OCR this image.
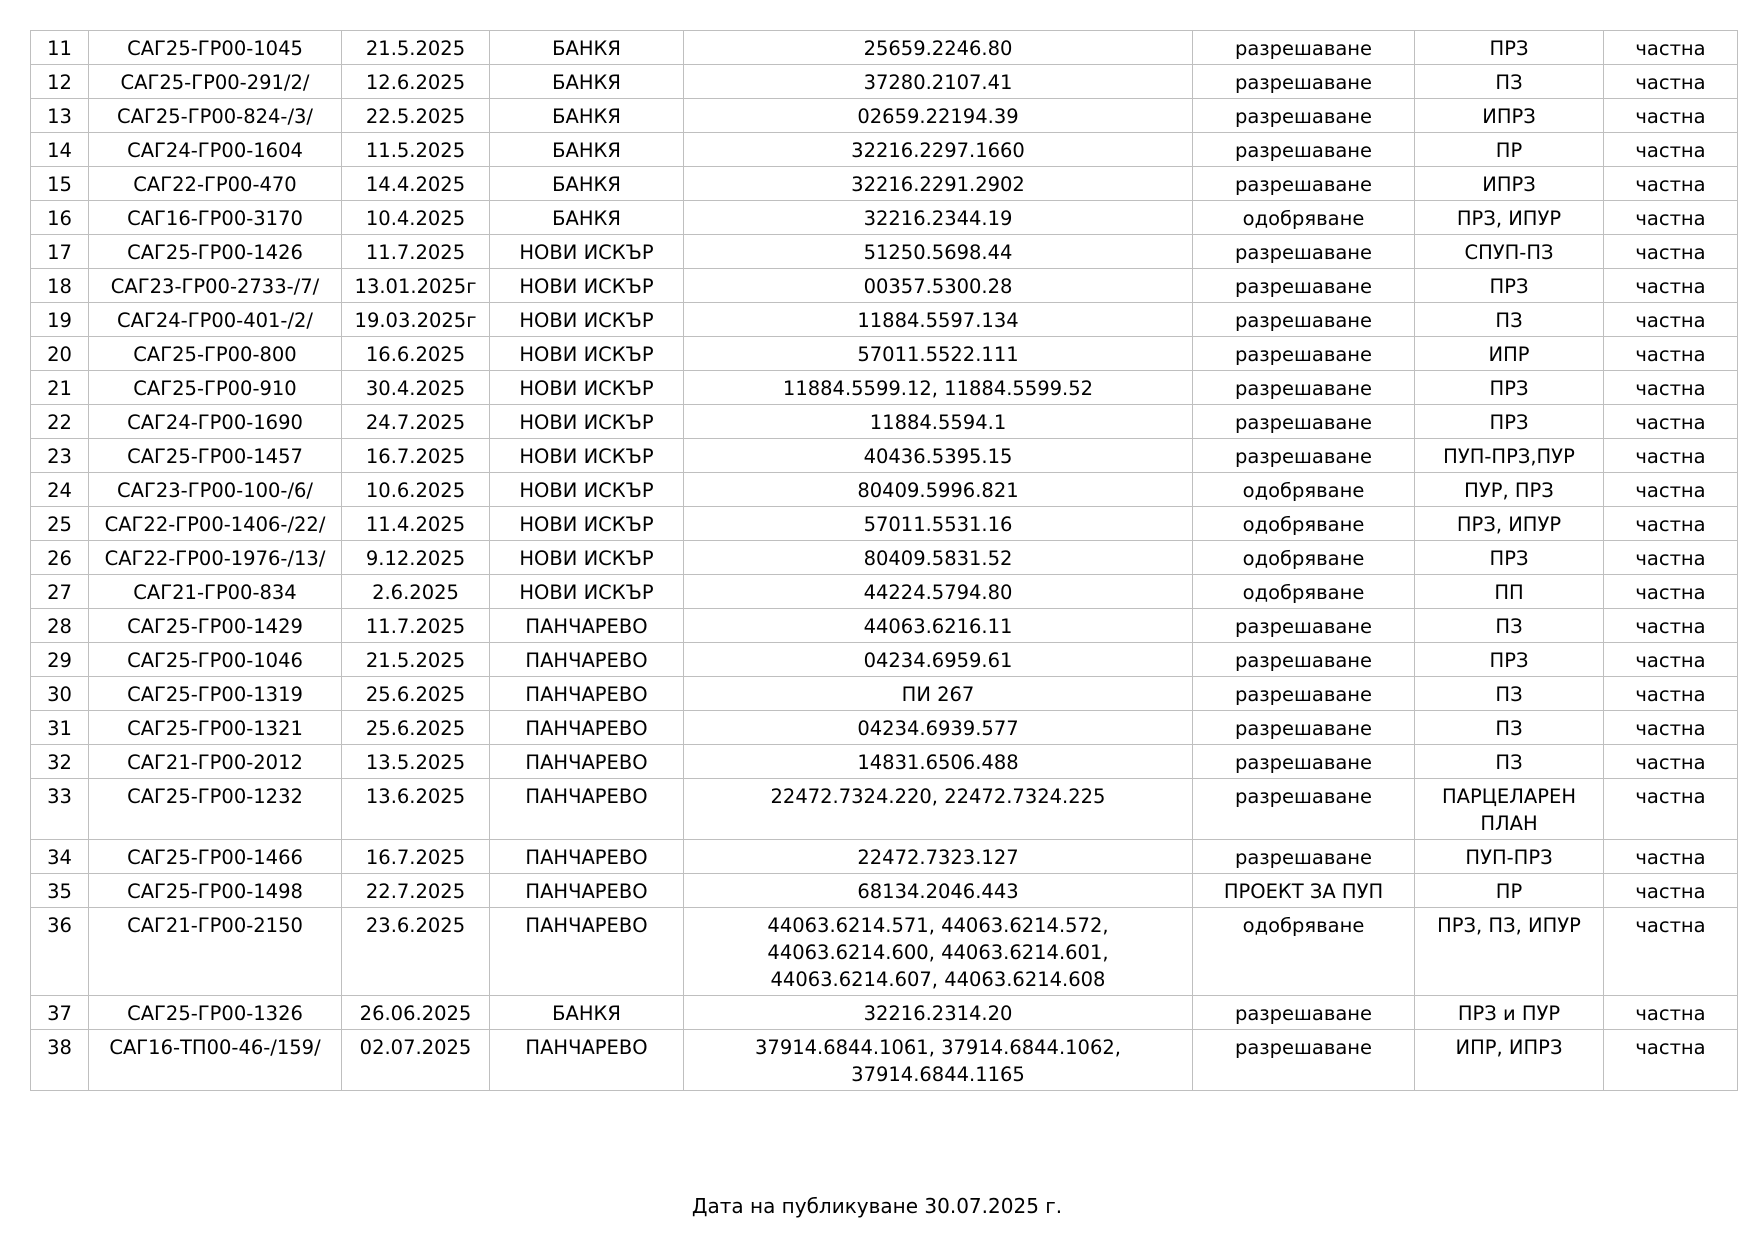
11	САГ25-ГР00-1045	21.5.2025	БАНКЯ	25659.2246.80	разрешаване	ПРЗ	частна
12	САГ25-ГР00-291/2/	12.6.2025	БАНКЯ	37280.2107.41	разрешаване	ПЗ	частна
13	САГ25-ГР00-824-/3/	22.5.2025	БАНКЯ	02659.22194.39	разрешаване	ИПРЗ	частна
14	САГ24-ГР00-1604	11.5.2025	БАНКЯ	32216.2297.1660	разрешаване	ПР	частна
15	САГ22-ГР00-470	14.4.2025	БАНКЯ	32216.2291.2902	разрешаване	ИПРЗ	частна
16	САГ16-ГР00-3170	10.4.2025	БАНКЯ	32216.2344.19	одобряване	ПРЗ, ИПУР	частна
17	САГ25-ГР00-1426	11.7.2025	НОВИ ИСКЪР	51250.5698.44	разрешаване	СПУП-ПЗ	частна
18	САГ23-ГР00-2733-/7/	13.01.2025г	НОВИ ИСКЪР	00357.5300.28	разрешаване	ПРЗ	частна
19	САГ24-ГР00-401-/2/	19.03.2025г	НОВИ ИСКЪР	11884.5597.134	разрешаване	ПЗ	частна
20	САГ25-ГР00-800	16.6.2025	НОВИ ИСКЪР	57011.5522.111	разрешаване	ИПР	частна
21	САГ25-ГР00-910	30.4.2025	НОВИ ИСКЪР	11884.5599.12, 11884.5599.52	разрешаване	ПРЗ	частна
22	САГ24-ГР00-1690	24.7.2025	НОВИ ИСКЪР	11884.5594.1	разрешаване	ПРЗ	частна
23	САГ25-ГР00-1457	16.7.2025	НОВИ ИСКЪР	40436.5395.15	разрешаване	ПУП-ПРЗ,ПУР	частна
24	САГ23-ГР00-100-/6/	10.6.2025	НОВИ ИСКЪР	80409.5996.821	одобряване	ПУР, ПРЗ	частна
25	САГ22-ГР00-1406-/22/	11.4.2025	НОВИ ИСКЪР	57011.5531.16	одобряване	ПРЗ, ИПУР	частна
26	САГ22-ГР00-1976-/13/	9.12.2025	НОВИ ИСКЪР	80409.5831.52	одобряване	ПРЗ	частна
27	САГ21-ГР00-834	2.6.2025	НОВИ ИСКЪР	44224.5794.80	одобряване	ПП	частна
28	САГ25-ГР00-1429	11.7.2025	ПАНЧАРЕВО	44063.6216.11	разрешаване	ПЗ	частна
29	САГ25-ГР00-1046	21.5.2025	ПАНЧАРЕВО	04234.6959.61	разрешаване	ПРЗ	частна
30	САГ25-ГР00-1319	25.6.2025	ПАНЧАРЕВО	ПИ 267	разрешаване	ПЗ	частна
31	САГ25-ГР00-1321	25.6.2025	ПАНЧАРЕВО	04234.6939.577	разрешаване	ПЗ	частна
32	САГ21-ГР00-2012	13.5.2025	ПАНЧАРЕВО	14831.6506.488	разрешаване	ПЗ	частна
33	САГ25-ГР00-1232	13.6.2025	ПАНЧАРЕВО	22472.7324.220, 22472.7324.225	разрешаване	ПАРЦЕЛАРЕН ПЛАН	частна
34	САГ25-ГР00-1466	16.7.2025	ПАНЧАРЕВО	22472.7323.127	разрешаване	ПУП-ПРЗ	частна
35	САГ25-ГР00-1498	22.7.2025	ПАНЧАРЕВО	68134.2046.443	ПРОЕКТ ЗА ПУП	ПР	частна
36	САГ21-ГР00-2150	23.6.2025	ПАНЧАРЕВО	44063.6214.571, 44063.6214.572, 44063.6214.600, 44063.6214.601, 44063.6214.607, 44063.6214.608	одобряване	ПРЗ, ПЗ, ИПУР	частна
37	САГ25-ГР00-1326	26.06.2025	БАНКЯ	32216.2314.20	разрешаване	ПРЗ и ПУР	частна
38	САГ16-ТП00-46-/159/	02.07.2025	ПАНЧАРЕВО	37914.6844.1061, 37914.6844.1062, 37914.6844.1165	разрешаване	ИПР, ИПРЗ	частна
Дата на публикуване 30.07.2025 г.
